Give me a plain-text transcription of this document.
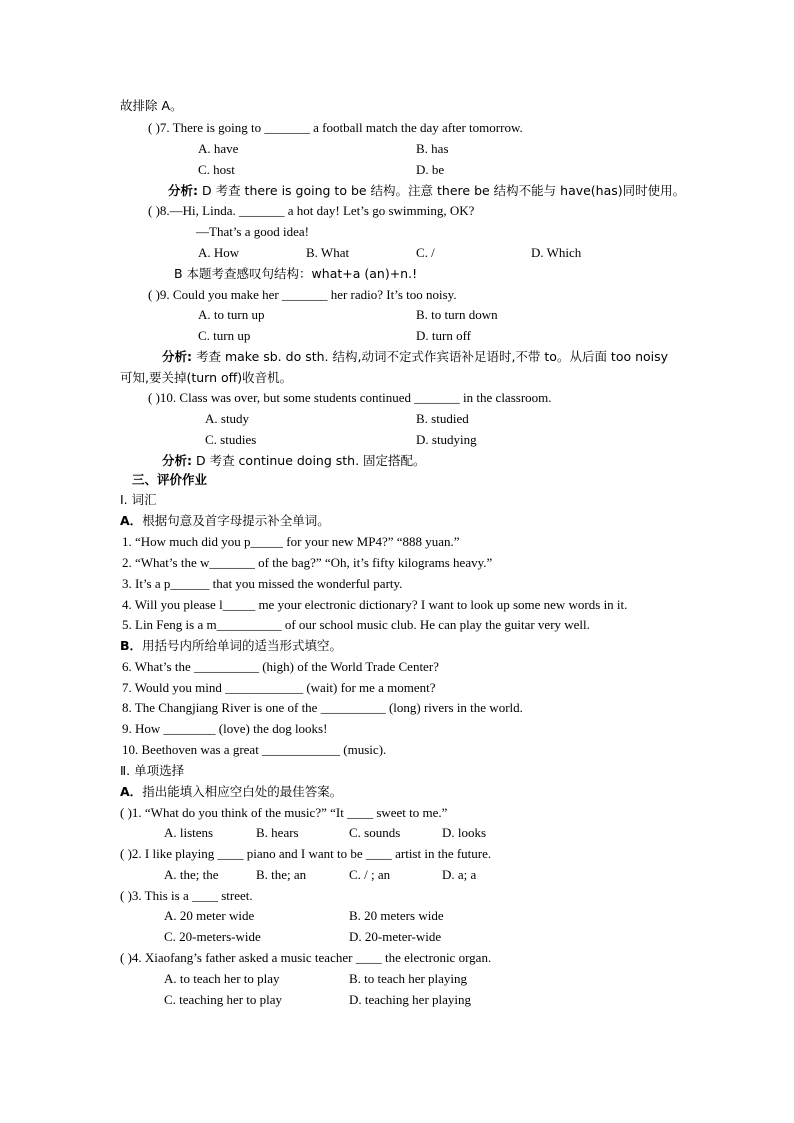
故排除 A。
( )7. There is going to _______ a football match the day after tomorrow.
A. have	B. has
C. host	D. be
分析: D 考查 there is going to be 结构。注意 there be 结构不能与 have(has)同时使用。
( )8.—Hi, Linda. _______ a hot day! Let’s go swimming, OK?
—That’s a good idea!
A. How	B. What	C. /	D. Which
B 本题考查感叹句结构：what+a (an)+n.!
( )9. Could you make her _______ her radio? It’s too noisy.
A. to turn up	B. to turn down
C. turn up	D. turn off
分析: 考查 make sb. do sth. 结构,动词不定式作宾语补足语时,不带 to。从后面 too noisy
可知,要关掉(turn off)收音机。
( )10. Class was over, but some students continued _______ in the classroom.
A. study	B. studied
C. studies	D. studying
分析: D 考查 continue doing sth. 固定搭配。
三、评价作业
Ⅰ. 词汇
A．根据句意及首字母提示补全单词。
1. “How much did you p_____ for your new MP4?” “888 yuan.”
2. “What’s the w_______ of the bag?” “Oh, it’s fifty kilograms heavy.”
3. It’s a p______ that you missed the wonderful party.
4. Will you please l_____ me your electronic dictionary? I want to look up some new words in it.
5. Lin Feng is a m__________ of our school music club. He can play the guitar very well.
B．用括号内所给单词的适当形式填空。
6. What’s the __________ (high) of the World Trade Center?
7. Would you mind ____________ (wait) for me a moment?
8. The Changjiang River is one of the __________ (long) rivers in the world.
9. How ________ (love) the dog looks!
10. Beethoven was a great ____________ (music).
Ⅱ. 单项选择
A．指出能填入相应空白处的最佳答案。
( )1. “What do you think of the music?” “It ____ sweet to me.”
A. listens	B. hears	C. sounds	D. looks
( )2. I like playing ____ piano and I want to be ____ artist in the future.
A. the; the	B. the; an	C. / ; an	D. a; a
( )3. This is a ____ street.
A. 20 meter wide	B. 20 meters wide
C. 20-meters-wide	D. 20-meter-wide
( )4. Xiaofang’s father asked a music teacher ____ the electronic organ.
A. to teach her to play	B. to teach her playing
C. teaching her to play	D. teaching her playing
